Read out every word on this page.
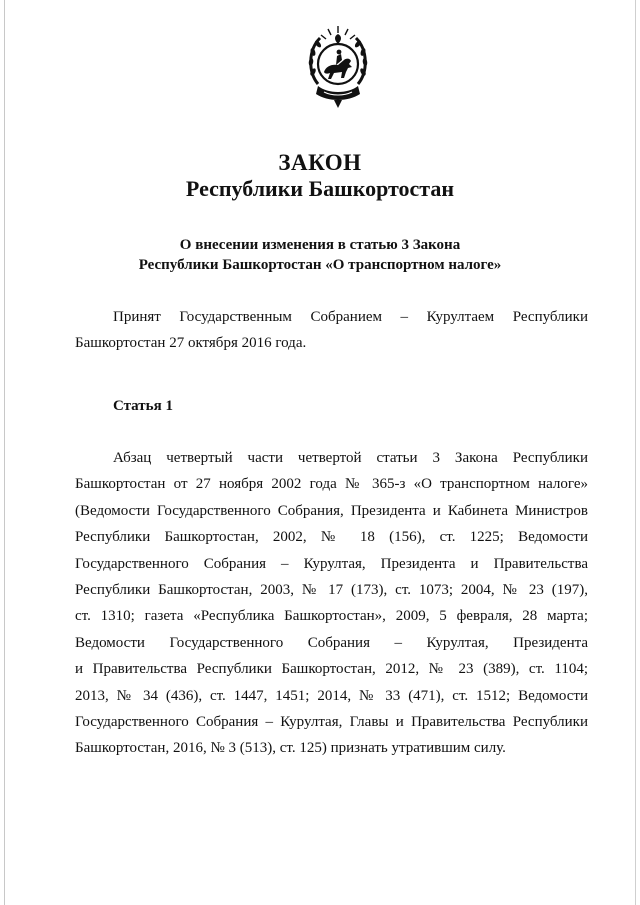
ЗАКОН
Республики Башкортостан
О внесении изменения в статью 3 Закона
Республики Башкортостан «О транспортном налоге»
Принят Государственным Собранием – Курултаем Республики
Башкортостан 27 октября 2016 года.
Статья 1
Абзац четвертый части четвертой статьи 3 Закона Республики
Башкортостан от 27 ноября 2002 года № 365-з «О транспортном налоге»
(Ведомости Государственного Собрания, Президента и Кабинета Министров
Республики Башкортостан, 2002, № 18 (156), ст. 1225; Ведомости
Государственного Собрания – Курултая, Президента и Правительства
Республики Башкортостан, 2003, № 17 (173), ст. 1073; 2004, № 23 (197),
ст. 1310; газета «Республика Башкортостан», 2009, 5 февраля, 28 марта;
Ведомости Государственного Собрания – Курултая, Президента
и Правительства Республики Башкортостан, 2012, № 23 (389), ст. 1104;
2013, № 34 (436), ст. 1447, 1451; 2014, № 33 (471), ст. 1512; Ведомости
Государственного Собрания – Курултая, Главы и Правительства Республики
Башкортостан, 2016, № 3 (513), ст. 125) признать утратившим силу.
